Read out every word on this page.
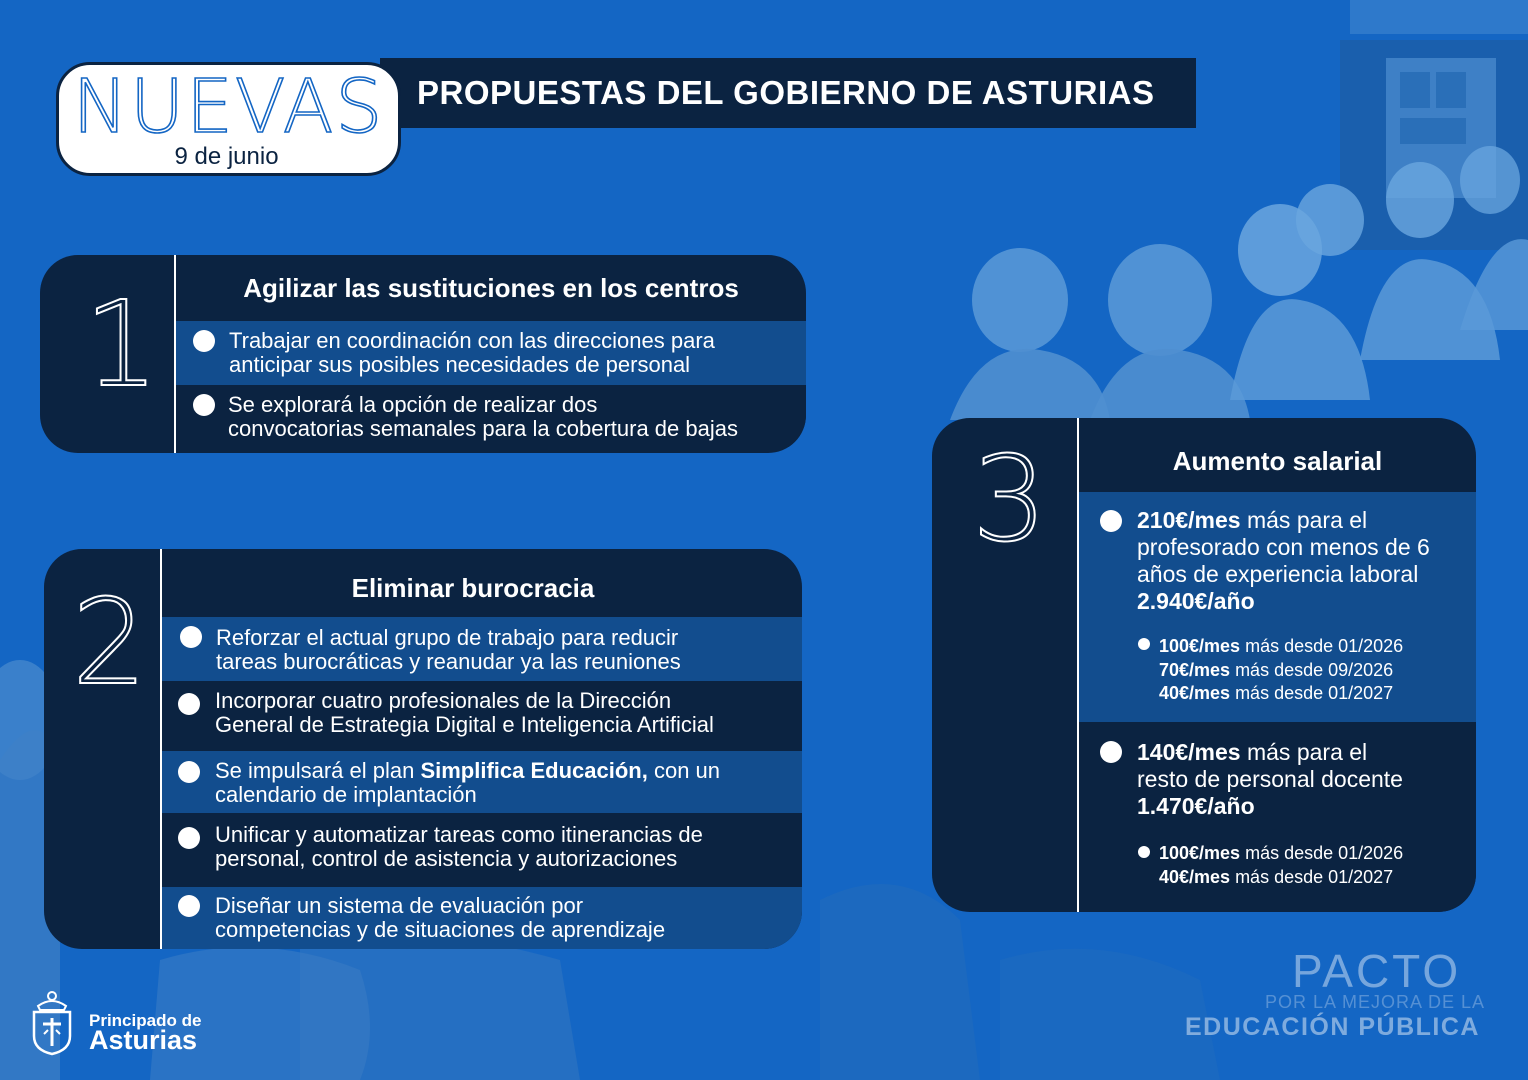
PROPUESTAS DEL GOBIERNO DE ASTURIAS
NUEVAS
9 de junio
1	Agilizar las sustituciones en los centros
Trabajar en coordinación con las direcciones para
anticipar sus posibles necesidades de personal
Se explorará la opción de realizar dos
convocatorias semanales para la cobertura de bajas
2	Eliminar burocracia
Reforzar el actual grupo de trabajo para reducir
tareas burocráticas y reanudar ya las reuniones
Incorporar cuatro profesionales de la Dirección
General de Estrategia Digital e Inteligencia Artificial
Se impulsará el plan Simplifica Educación, con un
calendario de implantación
Unificar y automatizar tareas como itinerancias de
personal, control de asistencia y autorizaciones
Diseñar un sistema de evaluación por
competencias y de situaciones de aprendizaje
3	Aumento salarial
210€/mes más para el
profesorado con menos de 6
años de experiencia laboral
2.940€/año
100€/mes más desde 01/2026
70€/mes más desde 09/2026
40€/mes más desde 01/2027
140€/mes más para el
resto de personal docente
1.470€/año
100€/mes más desde 01/2026
40€/mes más desde 01/2027
Principado de
Asturias
PACTO
POR LA MEJORA DE LA
EDUCACIÓN PÚBLICA
